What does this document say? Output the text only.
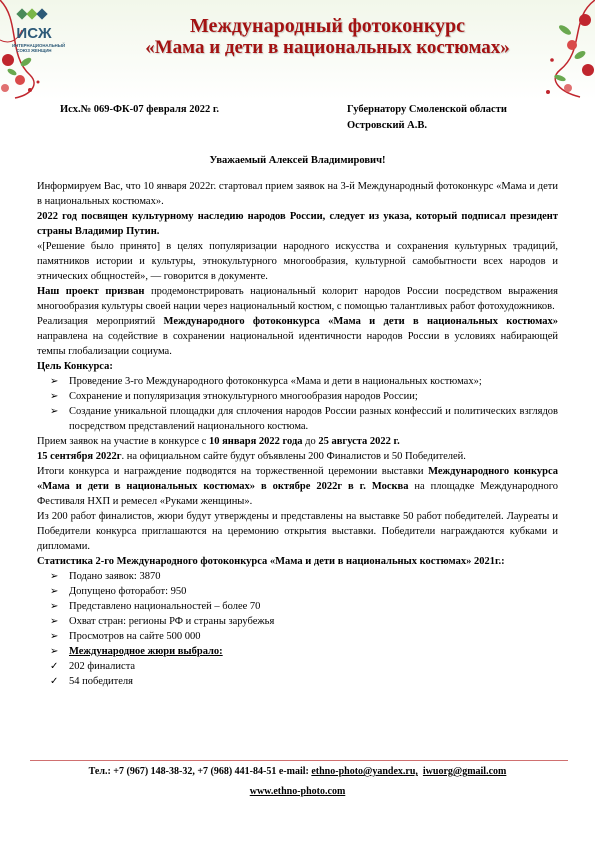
ИСЖ
ИНТЕРНАЦИОНАЛЬНЫЙ СОЮЗ ЖЕНЩИН
Международный фотоконкурс
«Мама и дети в национальных костюмах»
Исх.№ 069-ФК-07 февраля 2022 г.	Губернатору Смоленской области
Островский А.В.
Уважаемый Алексей Владимирович!

Информируем Вас, что 10 января 2022г. стартовал прием заявок на 3-й Международный фотоконкурс «Мама и дети в национальных костюмах».

2022 год посвящен культурному наследию народов России, следует из указа, который подписал президент страны Владимир Путин.

«[Решение было принято] в целях популяризации народного искусства и сохранения культурных традиций, памятников истории и культуры, этнокультурного многообразия, культурной самобытности всех народов и этнических общностей», — говорится в документе.

Наш проект призван продемонстрировать национальный колорит народов России посредством выражения многообразия культуры своей нации через национальный костюм, с помощью талантливых работ фотохудожников.

Реализация мероприятий Международного фотоконкурса «Мама и дети в национальных костюмах» направлена на содействие в сохранении национальной идентичности народов России в условиях набирающей темпы глобализации социума.

Цель Конкурса:

➢ Проведение 3-го Международного фотоконкурса «Мама и дети в национальных костюмах»;
➢ Сохранение и популяризация этнокультурного многообразия народов России;
➢ Создание уникальной площадки для сплочения народов России разных конфессий и политических взглядов посредством представлений национального костюма.

Прием заявок на участие в конкурсе с 10 января 2022 года до 25 августа 2022 г.
15 сентября 2022г. на официальном сайте будут объявлены 200 Финалистов и 50 Победителей.

Итоги конкурса и награждение подводятся на торжественной церемонии выставки Международного конкурса «Мама и дети в национальных костюмах» в октябре 2022г в г. Москва на площадке Международного Фестиваля НХП и ремесел «Руками женщины».

Из 200 работ финалистов, жюри будут утверждены и представлены на выставке 50 работ победителей. Лауреаты и Победители конкурса приглашаются на церемонию открытия выставки. Победители награждаются кубками и дипломами.

Статистика 2-го Международного фотоконкурса «Мама и дети в национальных костюмах» 2021г.:

➢ Подано заявок: 3870
➢ Допущено фоторабот: 950
➢ Представлено национальностей – более 70
➢ Охват стран: регионы РФ и страны зарубежья
➢ Просмотров на сайте 500 000
➢ Международное жюри выбрало:
✓ 202 финалиста
✓ 54 победителя
Тел.: +7 (967) 148-38-32, +7 (968) 441-84-51 e-mail: ethno-photo@yandex.ru, iwuorg@gmail.com
www.ethno-photo.com
